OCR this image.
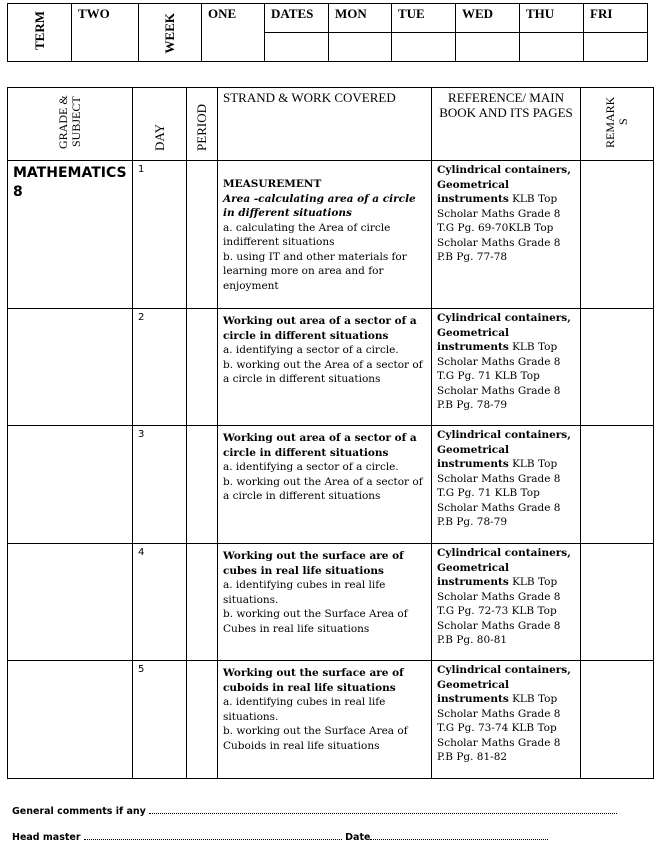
TERM	TWO	WEEK	ONE	DATES	MON	TUE	WED	THU	FRI

GRADE & SUBJECT	DAY	PERIOD	STRAND & WORK COVERED	REFERENCE/ MAIN BOOK AND ITS PAGES	REMARK S
MATHEMATICS 8	1		MEASUREMENT
Area -calculating area of a circle in different situations
a. calculating the Area of circle indifferent situations
b. using IT and other materials for learning more on area and for enjoyment	Cylindrical containers, Geometrical instruments KLB Top Scholar Maths Grade 8 T.G Pg. 69-70KLB Top Scholar Maths Grade 8 P.B Pg. 77-78	
	2		Working out area of a sector of a circle in different situations
a. identifying a sector of a circle.
b. working out the Area of a sector of a circle in different situations	Cylindrical containers, Geometrical instruments KLB Top Scholar Maths Grade 8 T.G Pg. 71 KLB Top Scholar Maths Grade 8 P.B Pg. 78-79	
	3		Working out area of a sector of a circle in different situations
a. identifying a sector of a circle.
b. working out the Area of a sector of a circle in different situations	Cylindrical containers, Geometrical instruments KLB Top Scholar Maths Grade 8 T.G Pg. 71 KLB Top Scholar Maths Grade 8 P.B Pg. 78-79	
	4		Working out the surface are of cubes in real life situations
a. identifying cubes in real life situations.
b. working out the Surface Area of Cubes in real life situations	Cylindrical containers, Geometrical instruments KLB Top Scholar Maths Grade 8 T.G Pg. 72-73 KLB Top Scholar Maths Grade 8 P.B Pg. 80-81	
	5		Working out the surface are of cuboids in real life situations
a. identifying cubes in real life situations.
b. working out the Surface Area of Cuboids in real life situations	Cylindrical containers, Geometrical instruments KLB Top Scholar Maths Grade 8 T.G Pg. 73-74 KLB Top Scholar Maths Grade 8 P.B Pg. 81-82	
General comments if any
Head master	Date
